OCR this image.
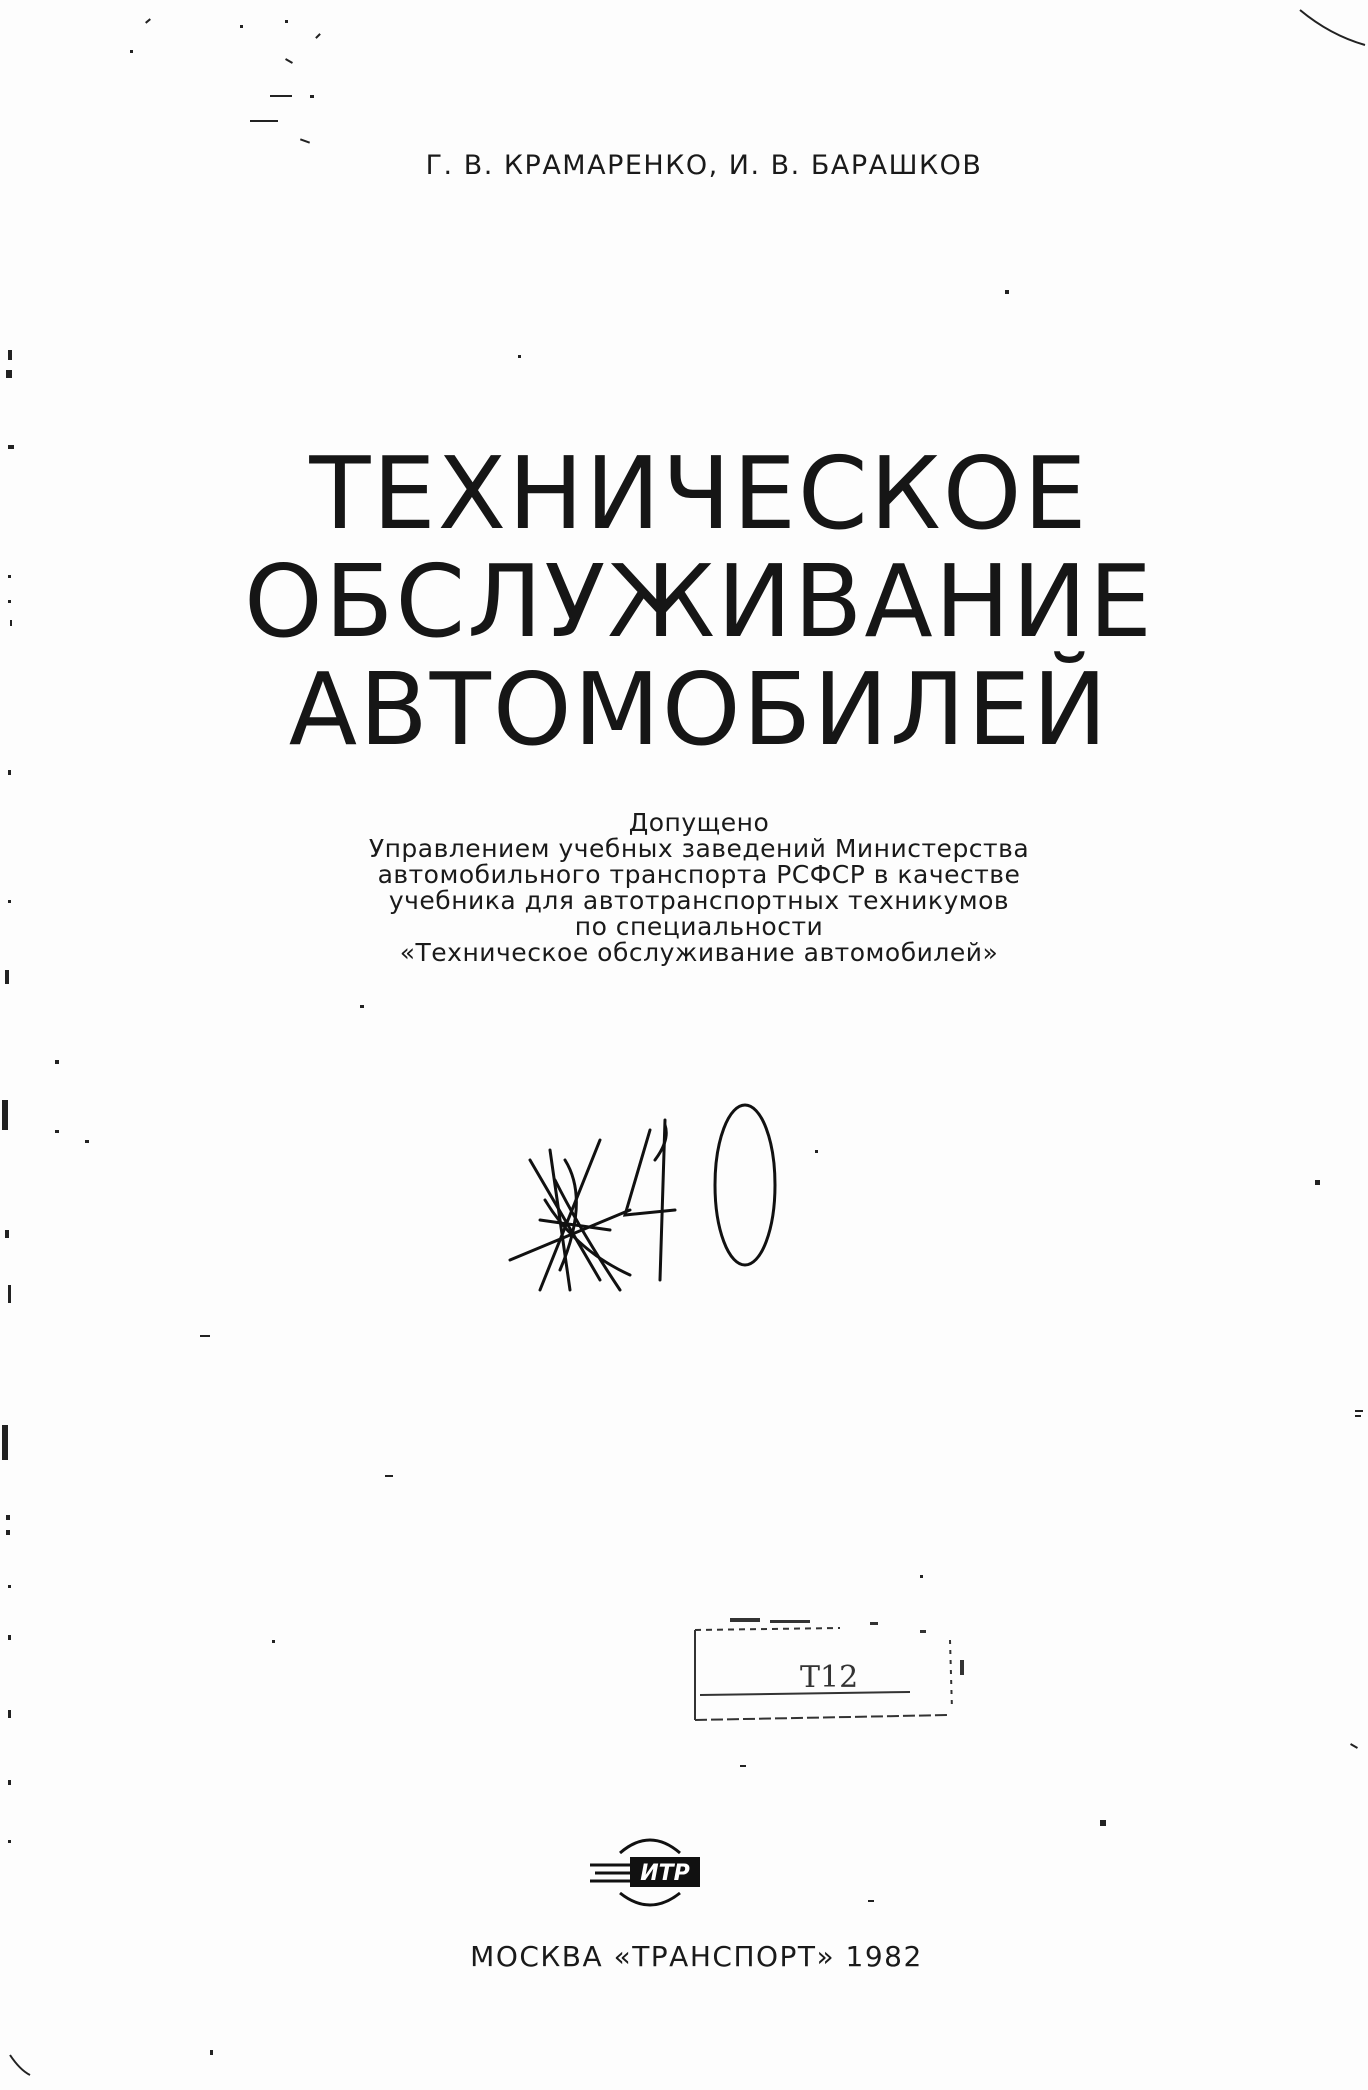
Г. В. КРАМАРЕНКО, И. В. БАРАШКОВ
ТЕХНИЧЕСКОЕ
ОБСЛУЖИВАНИЕ
АВТОМОБИЛЕЙ
Допущено
Управлением учебных заведений Министерства
автомобильного транспорта РСФСР в качестве
учебника для автотранспортных техникумов
по специальности
«Техническое обслуживание автомобилей»
Т12
ИТР
МОСКВА «ТРАНСПОРТ» 1982
